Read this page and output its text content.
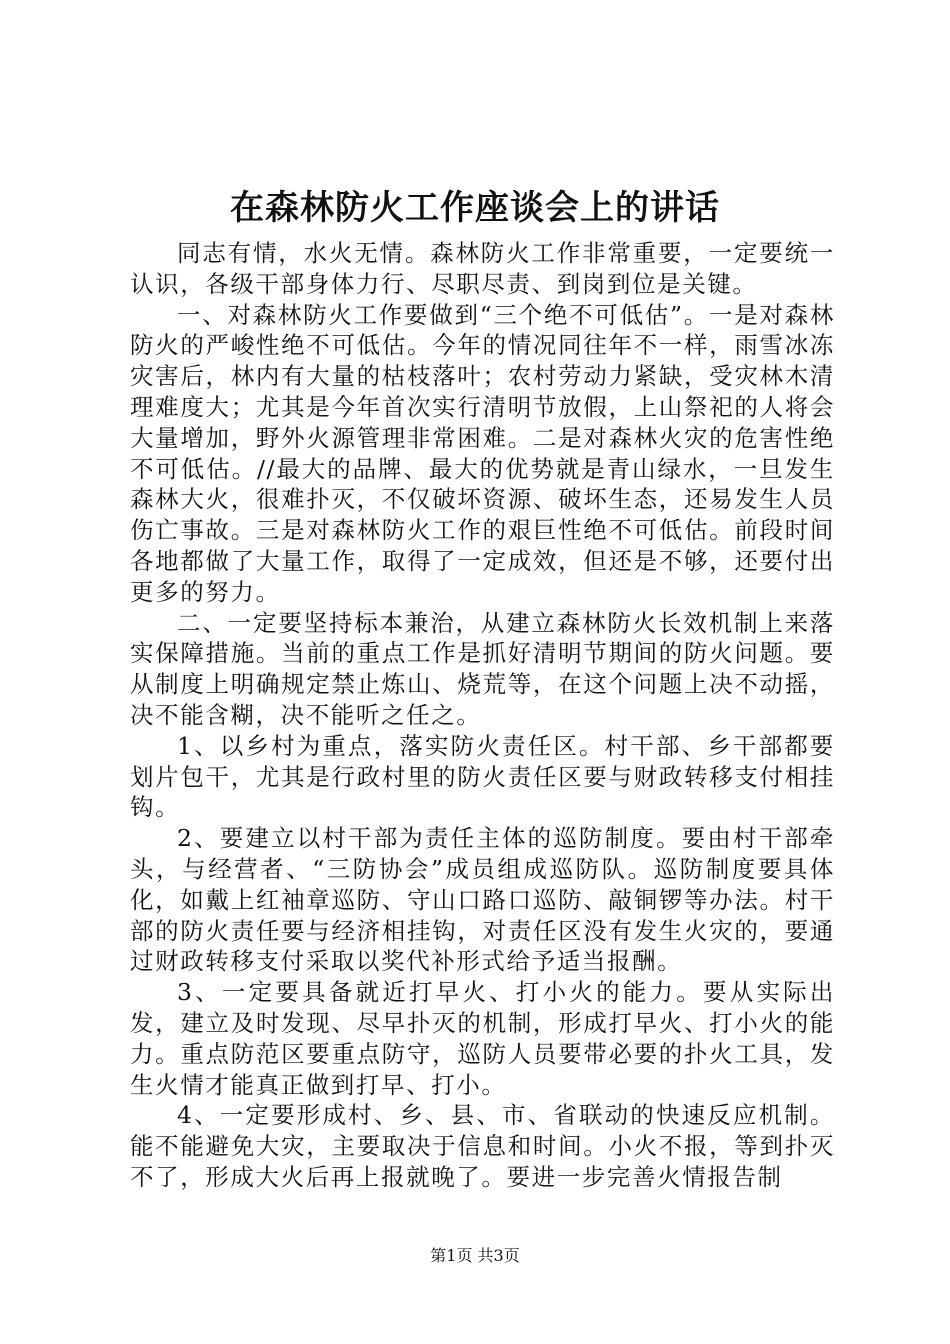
在森林防火工作座谈会上的讲话

同志有情，水火无情。森林防火工作非常重要，一定要统一认识，各级干部身体力行、尽职尽责、到岗到位是关键。

一、对森林防火工作要做到“三个绝不可低估”。一是对森林防火的严峻性绝不可低估。今年的情况同往年不一样，雨雪冰冻灾害后，林内有大量的枯枝落叶；农村劳动力紧缺，受灾林木清理难度大；尤其是今年首次实行清明节放假，上山祭祀的人将会大量增加，野外火源管理非常困难。二是对森林火灾的危害性绝不可低估。//最大的品牌、最大的优势就是青山绿水，一旦发生森林大火，很难扑灭，不仅破坏资源、破坏生态，还易发生人员伤亡事故。三是对森林防火工作的艰巨性绝不可低估。前段时间各地都做了大量工作，取得了一定成效，但还是不够，还要付出更多的努力。

二、一定要坚持标本兼治，从建立森林防火长效机制上来落实保障措施。当前的重点工作是抓好清明节期间的防火问题。要从制度上明确规定禁止炼山、烧荒等，在这个问题上决不动摇，决不能含糊，决不能听之任之。

1、以乡村为重点，落实防火责任区。村干部、乡干部都要划片包干，尤其是行政村里的防火责任区要与财政转移支付相挂钩。

2、要建立以村干部为责任主体的巡防制度。要由村干部牵头，与经营者、“三防协会”成员组成巡防队。巡防制度要具体化，如戴上红袖章巡防、守山口路口巡防、敲铜锣等办法。村干部的防火责任要与经济相挂钩，对责任区没有发生火灾的，要通过财政转移支付采取以奖代补形式给予适当报酬。

3、一定要具备就近打早火、打小火的能力。要从实际出发，建立及时发现、尽早扑灭的机制，形成打早火、打小火的能力。重点防范区要重点防守，巡防人员要带必要的扑火工具，发生火情才能真正做到打早、打小。

4、一定要形成村、乡、县、市、省联动的快速反应机制。能不能避免大灾，主要取决于信息和时间。小火不报，等到扑灭不了，形成大火后再上报就晚了。要进一步完善火情报告制

第1页 共3页
